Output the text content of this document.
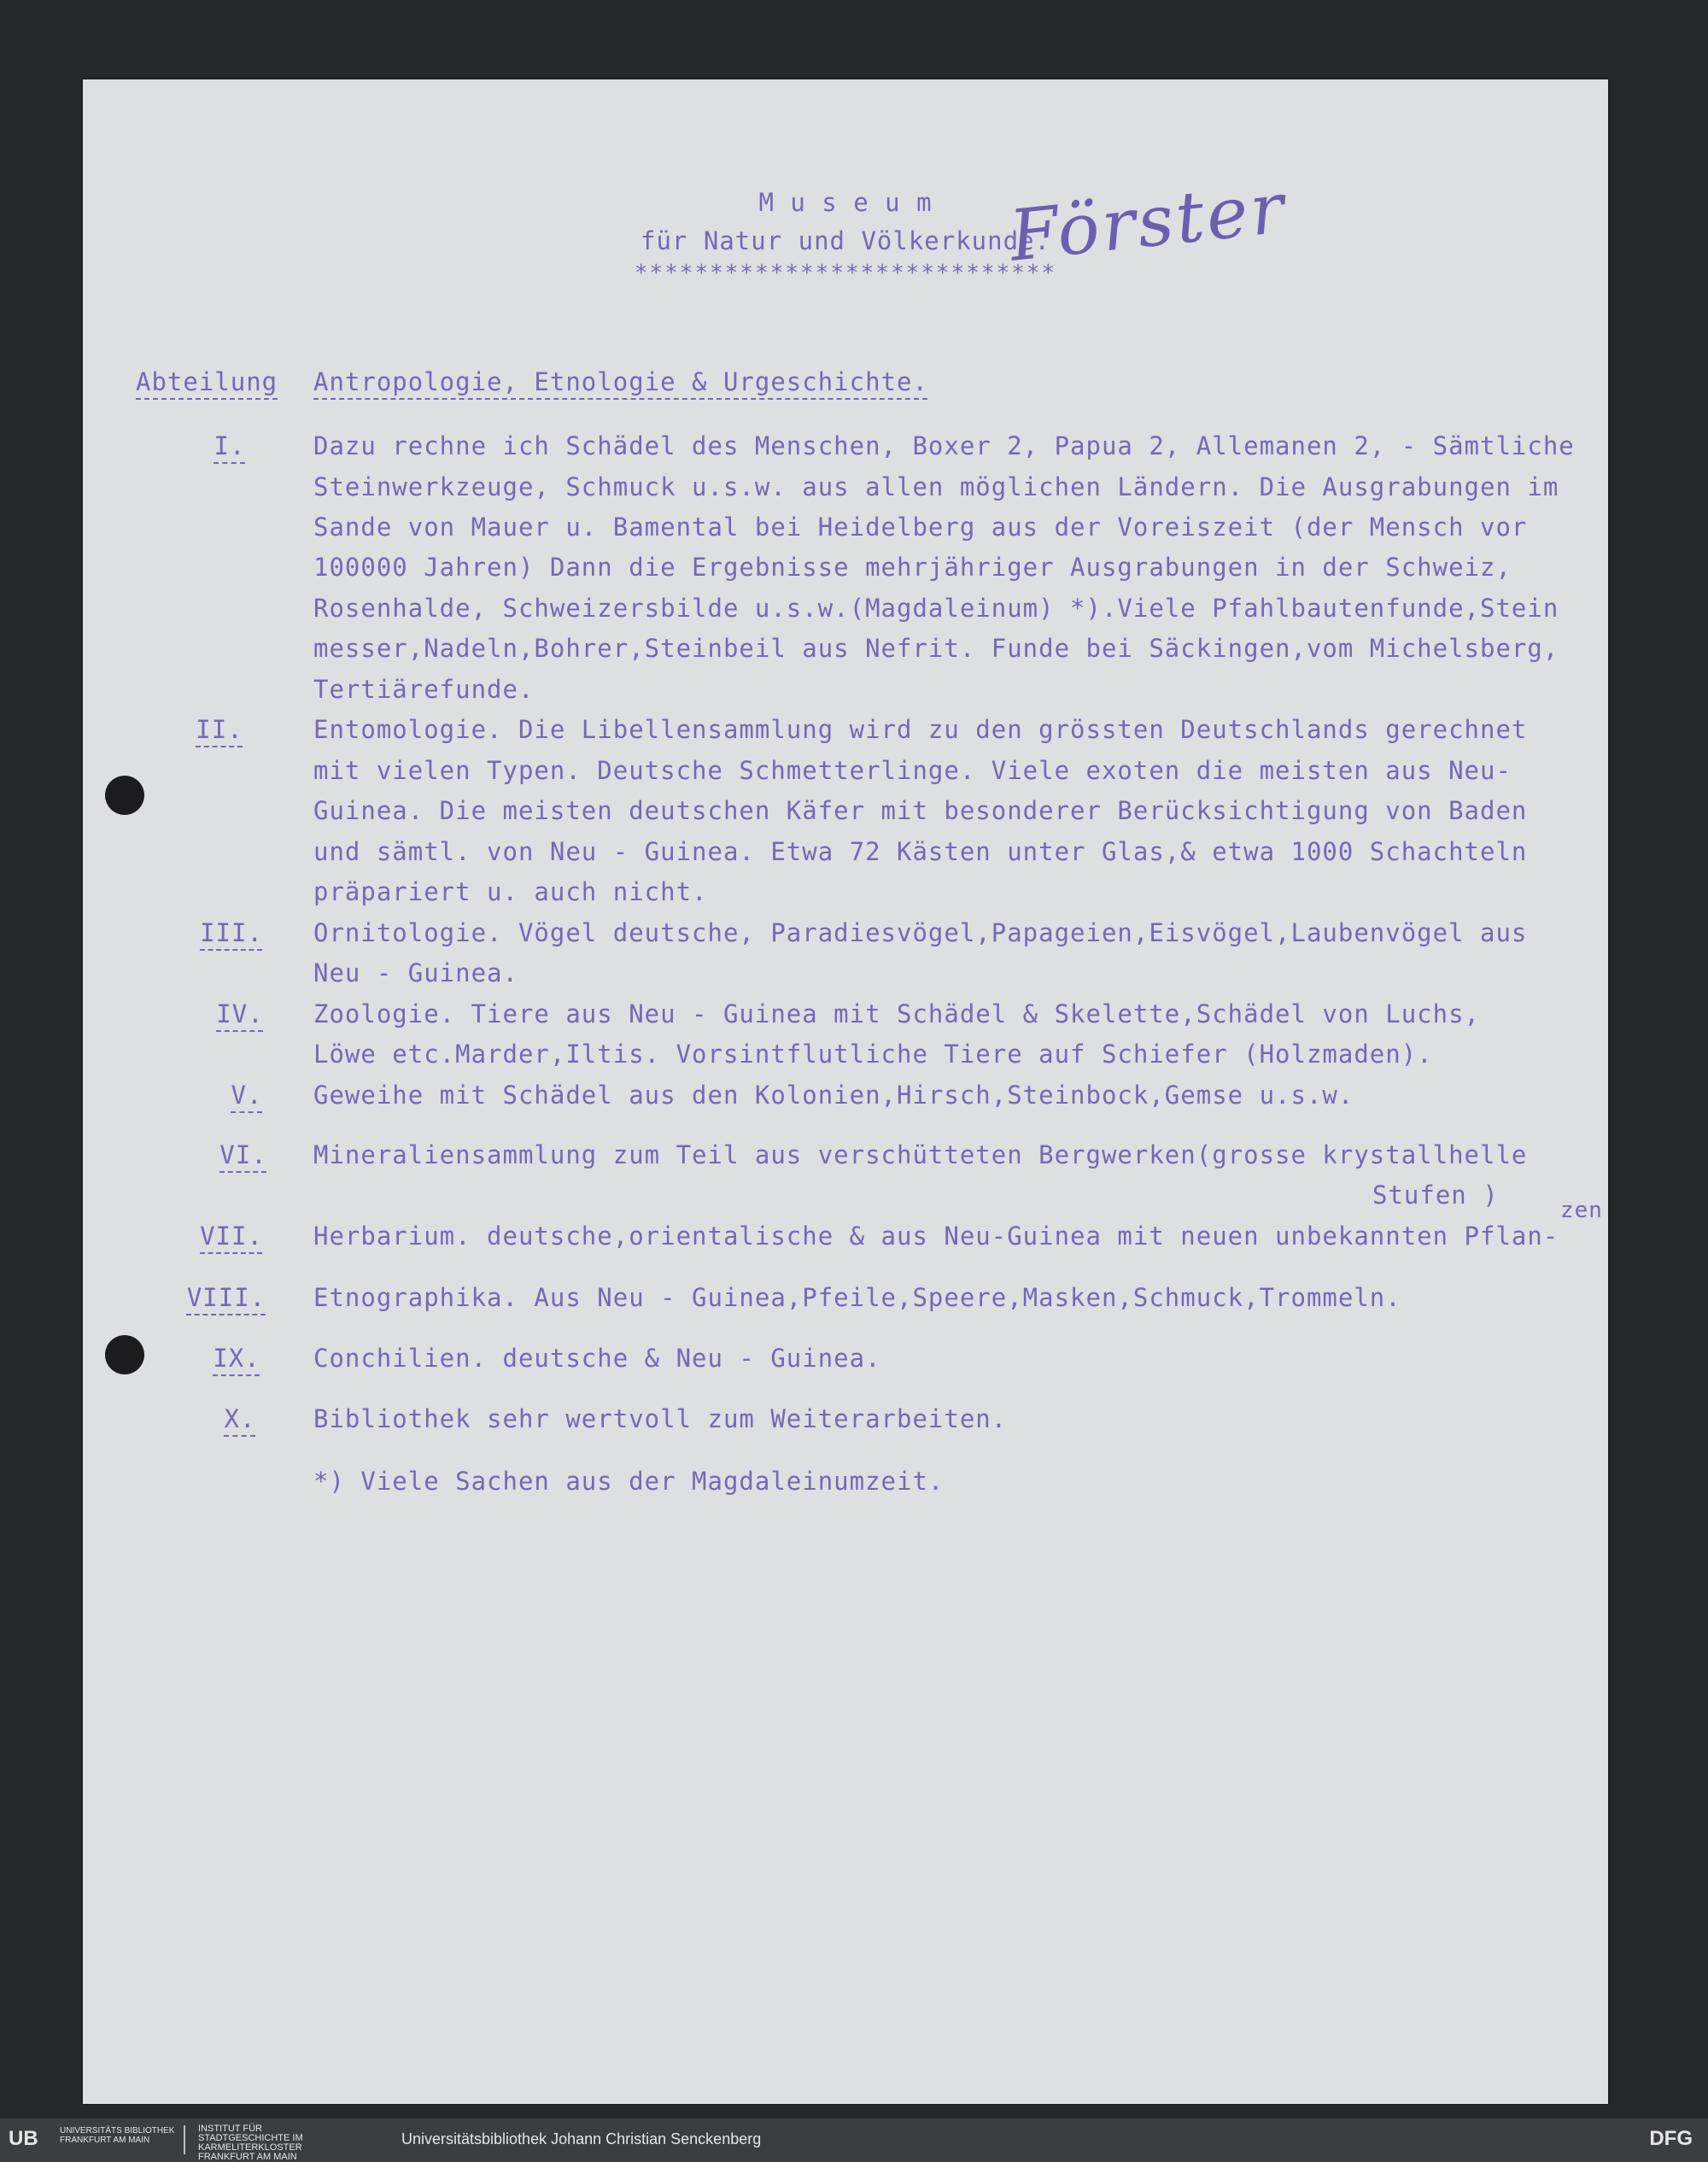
M u s e u m
für Natur und Völkerkunde.
****************************
Förster
Abteilung Antropologie, Etnologie & Urgeschichte.
I.	Dazu rechne ich Schädel des Menschen, Boxer 2, Papua 2, Allemanen 2, - Sämtliche
Steinwerkzeuge, Schmuck u.s.w. aus allen möglichen Ländern. Die Ausgrabungen im
Sande von Mauer u. Bamental bei Heidelberg aus der Voreiszeit (der Mensch vor
100000 Jahren) Dann die Ergebnisse mehrjähriger Ausgrabungen in der Schweiz,
Rosenhalde, Schweizersbilde u.s.w.(Magdaleinum) *).Viele Pfahlbautenfunde,Stein
messer,Nadeln,Bohrer,Steinbeil aus Nefrit. Funde bei Säckingen,vom Michelsberg,
Tertiärefunde.
II.	Entomologie. Die Libellensammlung wird zu den grössten Deutschlands gerechnet
mit vielen Typen. Deutsche Schmetterlinge. Viele exoten die meisten aus Neu-
Guinea. Die meisten deutschen Käfer mit besonderer Berücksichtigung von Baden
und sämtl. von Neu - Guinea. Etwa 72 Kästen unter Glas,& etwa 1000 Schachteln
präpariert u. auch nicht.
III.	Ornitologie. Vögel deutsche, Paradiesvögel,Papageien,Eisvögel,Laubenvögel aus
Neu - Guinea.
IV.	Zoologie. Tiere aus Neu - Guinea mit Schädel & Skelette,Schädel von Luchs,
Löwe etc.Marder,Iltis. Vorsintflutliche Tiere auf Schiefer (Holzmaden).
V.	Geweihe mit Schädel aus den Kolonien,Hirsch,Steinbock,Gemse u.s.w.
VI.	Mineraliensammlung zum Teil aus verschütteten Bergwerken(grosse krystallhelle
Stufen )
VII.	Herbarium. deutsche,orientalische & aus Neu-Guinea mit neuen unbekannten Pflan-
zen
VIII.	Etnographika. Aus Neu - Guinea,Pfeile,Speere,Masken,Schmuck,Trommeln.
IX.	Conchilien. deutsche & Neu - Guinea.
X.	Bibliothek sehr wertvoll zum Weiterarbeiten.
*) Viele Sachen aus der Magdaleinumzeit.
UB	UNIVERSITÄTS BIBLIOTHEK FRANKFURT AM MAIN
INSTITUT FÜR STADTGESCHICHTE IM KARMELITERKLOSTER FRANKFURT AM MAIN
Universitätsbibliothek Johann Christian Senckenberg	DFG
